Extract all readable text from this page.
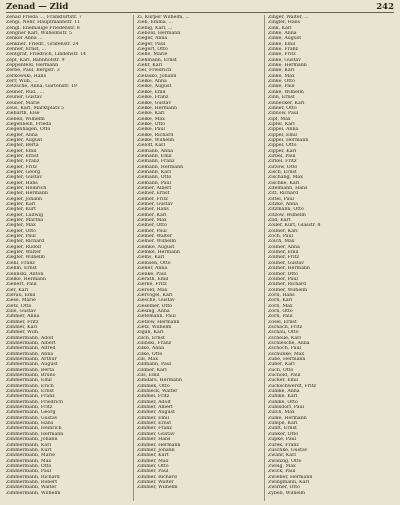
Zenad — Zlid	242
Zenad Frieda ..., Frankfurtstr. 7
Zengi, Nehr, Hauptmannstr. 11
Zengl, Ehemalige Friedenstr. 8
Zengner Karl, Wilhelmstr. 5
Zenker Anna ...
Zenkner, Friedr., Grafenstr. 24
Zenner, Ernst, ...
Zentgraf, Friedrich, Lindenstr. 14
Zepf, Karl, Bahnhofstr. 9
Zeppenfeld, Hermann
Zerbe, Paul, Bergstr. 3
Zerkowski, Hans
Zerr, Wilh., ...
Zetzsche, Anna, Gartenstr. 19
Zeuner, Rud., ...
Zeuner, Gustav
Zeuner, Marie
Zeus, Karl, Marktplatz 5
Ziebarth, Else
Ziebell, Wilhelm
Ziegenbein, Frieda
Ziegenhagen, Otto
Ziegler, Anna
Ziegler, August
Ziegler, Berta
Ziegler, Emil
Ziegler, Ernst
Ziegler, Franz
Ziegler, Fritz
Ziegler, Georg
Ziegler, Gustav
Ziegler, Hans
Ziegler, Heinrich
Ziegler, Hermann
Ziegler, Johann
Ziegler, Karl
Ziegler, Kurt
Ziegler, Ludwig
Ziegler, Martha
Ziegler, Max
Ziegler, Otto
Ziegler, Paul
Ziegler, Richard
Ziegler, Rudolf
Ziegler, Walter
Ziegler, Wilhelm
Ziehl, Franz
Ziehm, Ernst
Zielinski, Anton
Zielke, Hermann
Zienert, Paul
Zier, Karl
Zierau, Emil
Ziese, Marie
Zietz, Otto
Zille, Gustav
Zimmer, Anna
Zimmer, Fritz
Zimmer, Karl
Zimmer, Wilh.
Zimmermann, Adolf
Zimmermann, Albert
Zimmermann, Alfred
Zimmermann, Anna
Zimmermann, Arthur
Zimmermann, August
Zimmermann, Berta
Zimmermann, Bruno
Zimmermann, Emil
Zimmermann, Erich
Zimmermann, Ernst
Zimmermann, Franz
Zimmermann, Friedrich
Zimmermann, Fritz
Zimmermann, Georg
Zimmermann, Gustav
Zimmermann, Hans
Zimmermann, Heinrich
Zimmermann, Hermann
Zimmermann, Johann
Zimmermann, Karl
Zimmermann, Kurt
Zimmermann, Marie
Zimmermann, Max
Zimmermann, Otto
Zimmermann, Paul
Zimmermann, Richard
Zimmermann, Robert
Zimmermann, Walter
Zimmermann, Wilhelm
Zi, Kürper Wilhelm, ...
Zieb, Emma, ...
Ziebig, Karl, ...
Ziebold, Hermann
Zieger, Anna
Zieger, Paul
Ziegert, Otto
Ziehe, Marie
Ziehmann, Ernst
Ziehr, Karl
Ziel, Friedrich
Zielasko, Johann
Zielke, Anna
Zielke, August
Zielke, Emil
Zielke, Franz
Zielke, Gustav
Zielke, Hermann
Zielke, Karl
Zielke, Max
Zielke, Otto
Zielke, Paul
Zielke, Richard
Zielke, Wilhelm
Zieloff, Karl
Ziemann, Anna
Ziemann, Emil
Ziemann, Franz
Ziemann, Hermann
Ziemann, Karl
Ziemann, Otto
Ziemann, Paul
Ziemer, Albert
Ziemer, Ernst
Ziemer, Fritz
Ziemer, Gustav
Ziemer, Hans
Ziemer, Karl
Ziemer, Max
Ziemer, Otto
Ziemer, Paul
Ziemer, Walter
Ziemer, Wilhelm
Ziemke, August
Ziemke, Hermann
Ziems, Karl
Ziemsen, Otto
Ziener, Anna
Zienke, Paul
Zierath, Emil
Zierke, Fritz
Zierold, Max
Ziervogel, Karl
Ziesche, Gustav
Ziesemer, Otto
Ziesing, Anna
Zietemann, Paul
Zietlow, Hermann
Zietz, Wilhelm
Zigan, Karl
Zilch, Ernst
Zilinski, Franz
Zilke, Anna
Zilke, Otto
Zill, Max
Zillmann, Paul
Zillmer, Karl
Zils, Emil
Zimdars, Hermann
Zimmek, Otto
Zimmeck, Walter
Zimmel, Fritz
Zimmer, Adolf
Zimmer, Albert
Zimmer, August
Zimmer, Emil
Zimmer, Ernst
Zimmer, Franz
Zimmer, Gustav
Zimmer, Hans
Zimmer, Hermann
Zimmer, Johann
Zimmer, Kurt
Zimmer, Max
Zimmer, Otto
Zimmer, Paul
Zimmer, Richard
Zimmer, Walter
Zimmer, Wilhelm
Zinger, Walter, ...
Zingler, Hans
Zink, Karl
Zinke, Anna
Zinke, August
Zinke, Emil
Zinke, Franz
Zinke, Fritz
Zinke, Gustav
Zinke, Hermann
Zinke, Karl
Zinke, Max
Zinke, Otto
Zinke, Paul
Zinke, Wilhelm
Zinn, Ernst
Zinnecker, Karl
Zinner, Otto
Zinnow, Paul
Zipf, Max
Zipfel, Karl
Zippel, Anna
Zippel, Emil
Zippel, Hermann
Zippel, Otto
Zipper, Karl
Zirbel, Paul
Zirkel, Fritz
Zirzow, Otto
Zisch, Ernst
Zischang, Max
Zischke, Karl
Zitelmann, Hans
Zitt, Richard
Zittel, Paul
Zitzke, Anna
Zitzmann, Otto
Zitzow, Wilhelm
Zlid, Kurt
Zöller, Kurt, Glasstr. 8
Zöllner, Karl
Zoch, Paul
Zölch, Max
Zöllner, Anna
Zöllner, Emil
Zöllner, Fritz
Zöllner, Gustav
Zöllner, Hermann
Zöllner, Otto
Zöllner, Paul
Zöllner, Richard
Zöllner, Wilhelm
Zorn, Hans
Zorn, Karl
Zorn, Max
Zorn, Otto
Zorn, Paul
Zosel, Ernst
Zschach, Fritz
Zschau, Otto
Zscheile, Karl
Zschiesche, Anna
Zschoch, Paul
Zschunke, Max
Zube, Hermann
Zuber, Karl
Zuch, Otto
Zuchold, Paul
Zucker, Emil
Zuckschwerdt, Fritz
Zühlke, Anna
Zühlke, Karl
Zühlke, Otto
Zühlsdorf, Paul
Zülch, Max
Zülke, Hermann
Zumpe, Karl
Zunft, Ernst
Zunker, Otto
Zupke, Paul
Zurek, Franz
Zuschke, Gustav
Zwahr, Karl
Zwanzig, Otto
Zweig, Max
Zwick, Paul
Zwiener, Hermann
Zwingmann, Karl
Zwirner, Otto
Zybell, Wilhelm
